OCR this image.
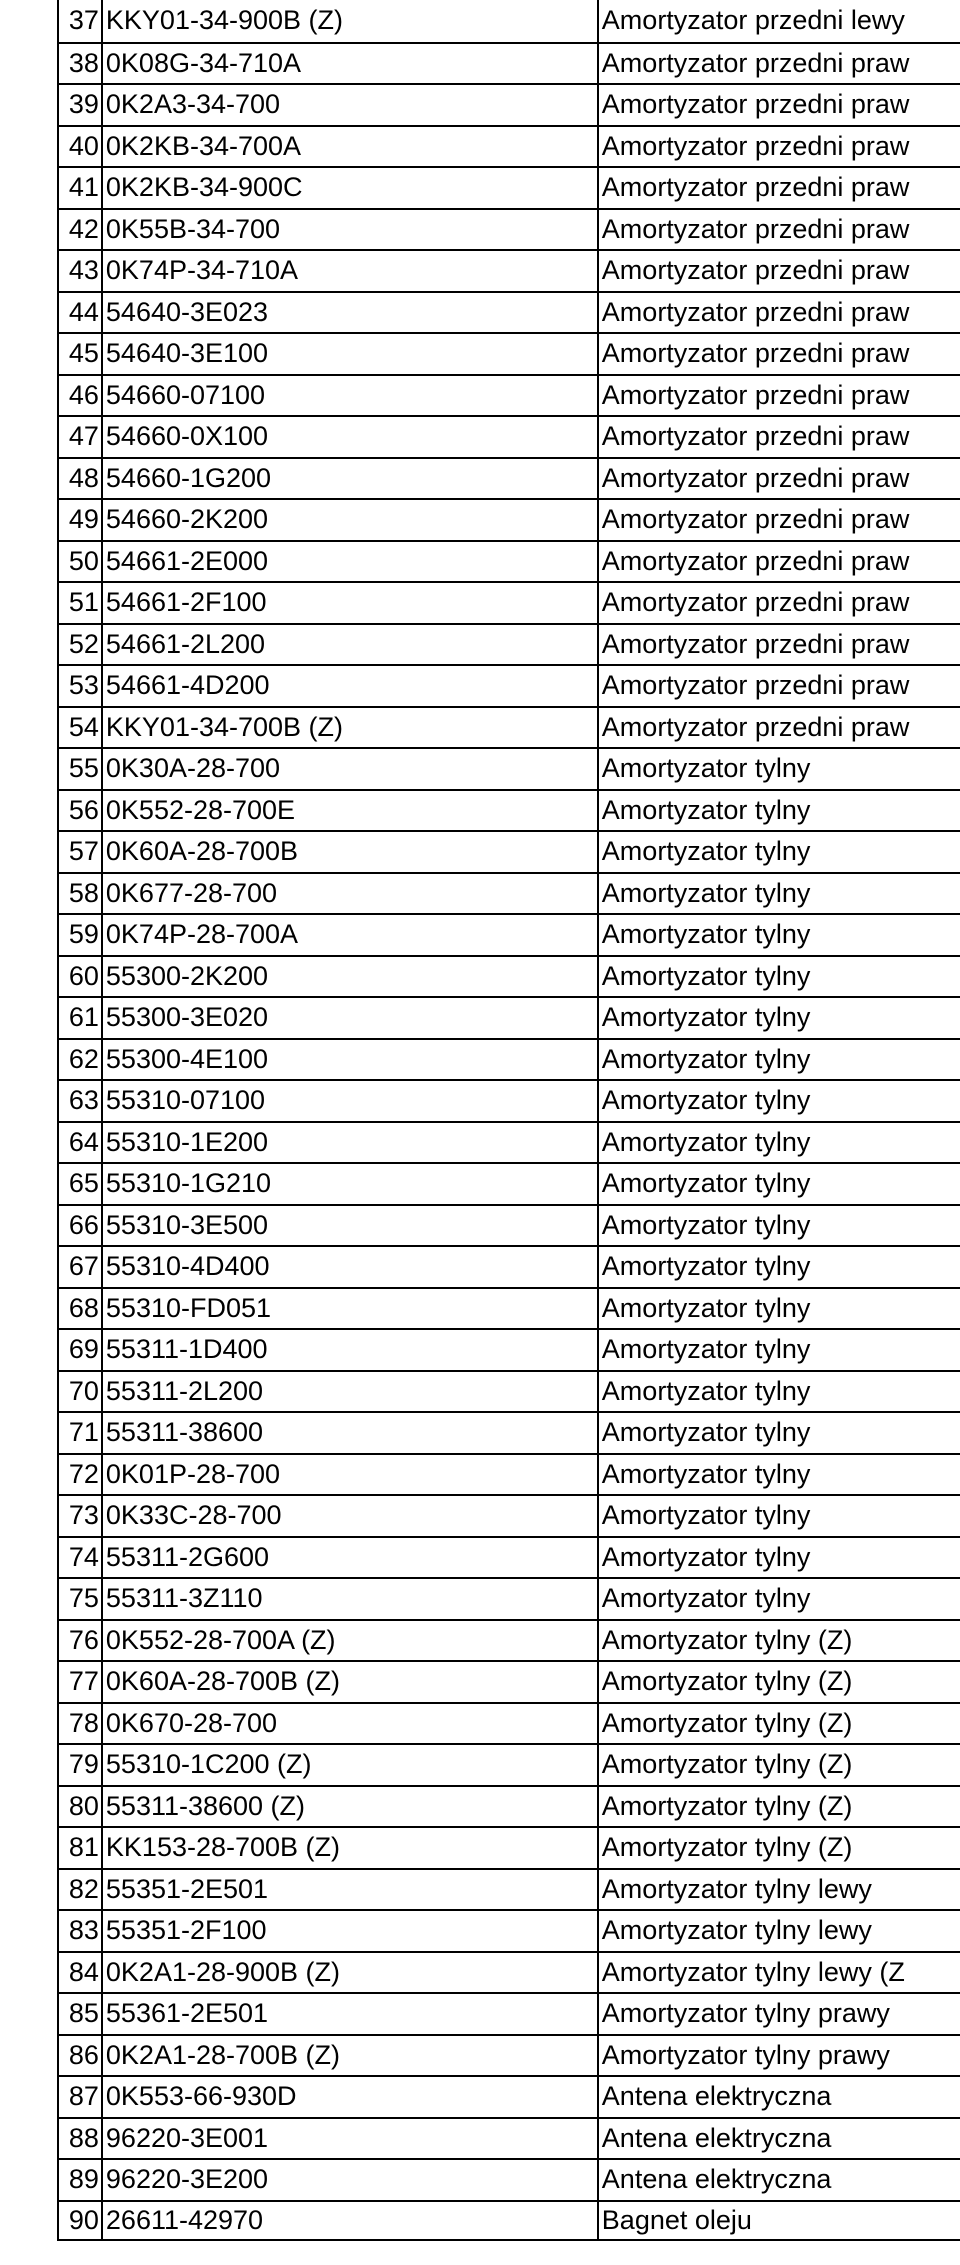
37 KKY01-34-900B (Z)	Amortyzator przedni lewy
38 0K08G-34-710A	Amortyzator przedni praw
39 0K2A3-34-700	Amortyzator przedni praw
40 0K2KB-34-700A	Amortyzator przedni praw
41 0K2KB-34-900C	Amortyzator przedni praw
42 0K55B-34-700	Amortyzator przedni praw
43 0K74P-34-710A	Amortyzator przedni praw
44 54640-3E023	Amortyzator przedni praw
45 54640-3E100	Amortyzator przedni praw
46 54660-07100	Amortyzator przedni praw
47 54660-0X100	Amortyzator przedni praw
48 54660-1G200	Amortyzator przedni praw
49 54660-2K200	Amortyzator przedni praw
50 54661-2E000	Amortyzator przedni praw
51 54661-2F100	Amortyzator przedni praw
52 54661-2L200	Amortyzator przedni praw
53 54661-4D200	Amortyzator przedni praw
54 KKY01-34-700B (Z)	Amortyzator przedni praw
55 0K30A-28-700	Amortyzator tylny
56 0K552-28-700E	Amortyzator tylny
57 0K60A-28-700B	Amortyzator tylny
58 0K677-28-700	Amortyzator tylny
59 0K74P-28-700A	Amortyzator tylny
60 55300-2K200	Amortyzator tylny
61 55300-3E020	Amortyzator tylny
62 55300-4E100	Amortyzator tylny
63 55310-07100	Amortyzator tylny
64 55310-1E200	Amortyzator tylny
65 55310-1G210	Amortyzator tylny
66 55310-3E500	Amortyzator tylny
67 55310-4D400	Amortyzator tylny
68 55310-FD051	Amortyzator tylny
69 55311-1D400	Amortyzator tylny
70 55311-2L200	Amortyzator tylny
71 55311-38600	Amortyzator tylny
72 0K01P-28-700	Amortyzator tylny
73 0K33C-28-700	Amortyzator tylny
74 55311-2G600	Amortyzator tylny
75 55311-3Z110	Amortyzator tylny
76 0K552-28-700A (Z)	Amortyzator tylny (Z)
77 0K60A-28-700B (Z)	Amortyzator tylny (Z)
78 0K670-28-700	Amortyzator tylny (Z)
79 55310-1C200 (Z)	Amortyzator tylny (Z)
80 55311-38600 (Z)	Amortyzator tylny (Z)
81 KK153-28-700B (Z)	Amortyzator tylny (Z)
82 55351-2E501	Amortyzator tylny lewy
83 55351-2F100	Amortyzator tylny lewy
84 0K2A1-28-900B (Z)	Amortyzator tylny lewy (Z
85 55361-2E501	Amortyzator tylny prawy
86 0K2A1-28-700B (Z)	Amortyzator tylny prawy
87 0K553-66-930D	Antena elektryczna
88 96220-3E001	Antena elektryczna
89 96220-3E200	Antena elektryczna
90 26611-42970	Bagnet oleju
